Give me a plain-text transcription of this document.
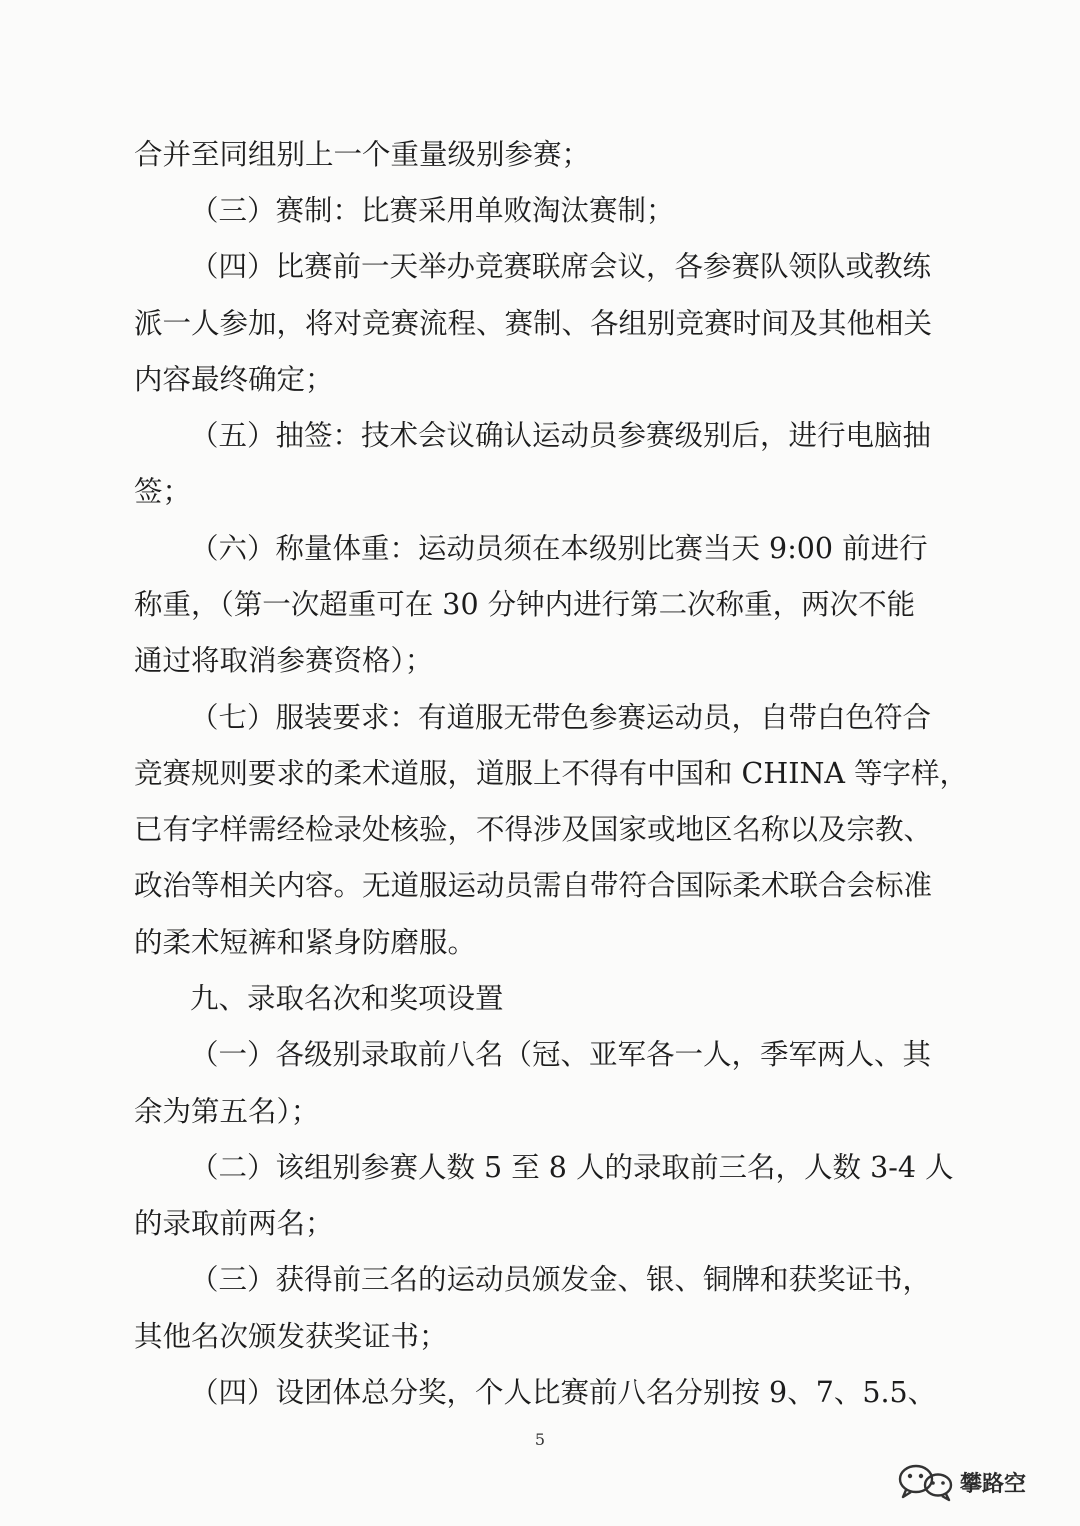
合并至同组别上一个重量级别参赛；
（三）赛制：比赛采用单败淘汰赛制；
（四）比赛前一天举办竞赛联席会议，各参赛队领队或教练
派一人参加，将对竞赛流程、赛制、各组别竞赛时间及其他相关
内容最终确定；
（五）抽签：技术会议确认运动员参赛级别后，进行电脑抽
签；
（六）称量体重：运动员须在本级别比赛当天 9:00 前进行
称重，（第一次超重可在 30 分钟内进行第二次称重，两次不能
通过将取消参赛资格）；
（七）服装要求：有道服无带色参赛运动员，自带白色符合
竞赛规则要求的柔术道服，道服上不得有中国和 CHINA 等字样，
已有字样需经检录处核验，不得涉及国家或地区名称以及宗教、
政治等相关内容。无道服运动员需自带符合国际柔术联合会标准
的柔术短裤和紧身防磨服。
九、录取名次和奖项设置
（一）各级别录取前八名（冠、亚军各一人，季军两人、其
余为第五名）；
（二）该组别参赛人数 5 至 8 人的录取前三名，人数 3-4 人
的录取前两名；
（三）获得前三名的运动员颁发金、银、铜牌和获奖证书，
其他名次颁发获奖证书；
（四）设团体总分奖，个人比赛前八名分别按 9、7、5.5、
5
攀路空
